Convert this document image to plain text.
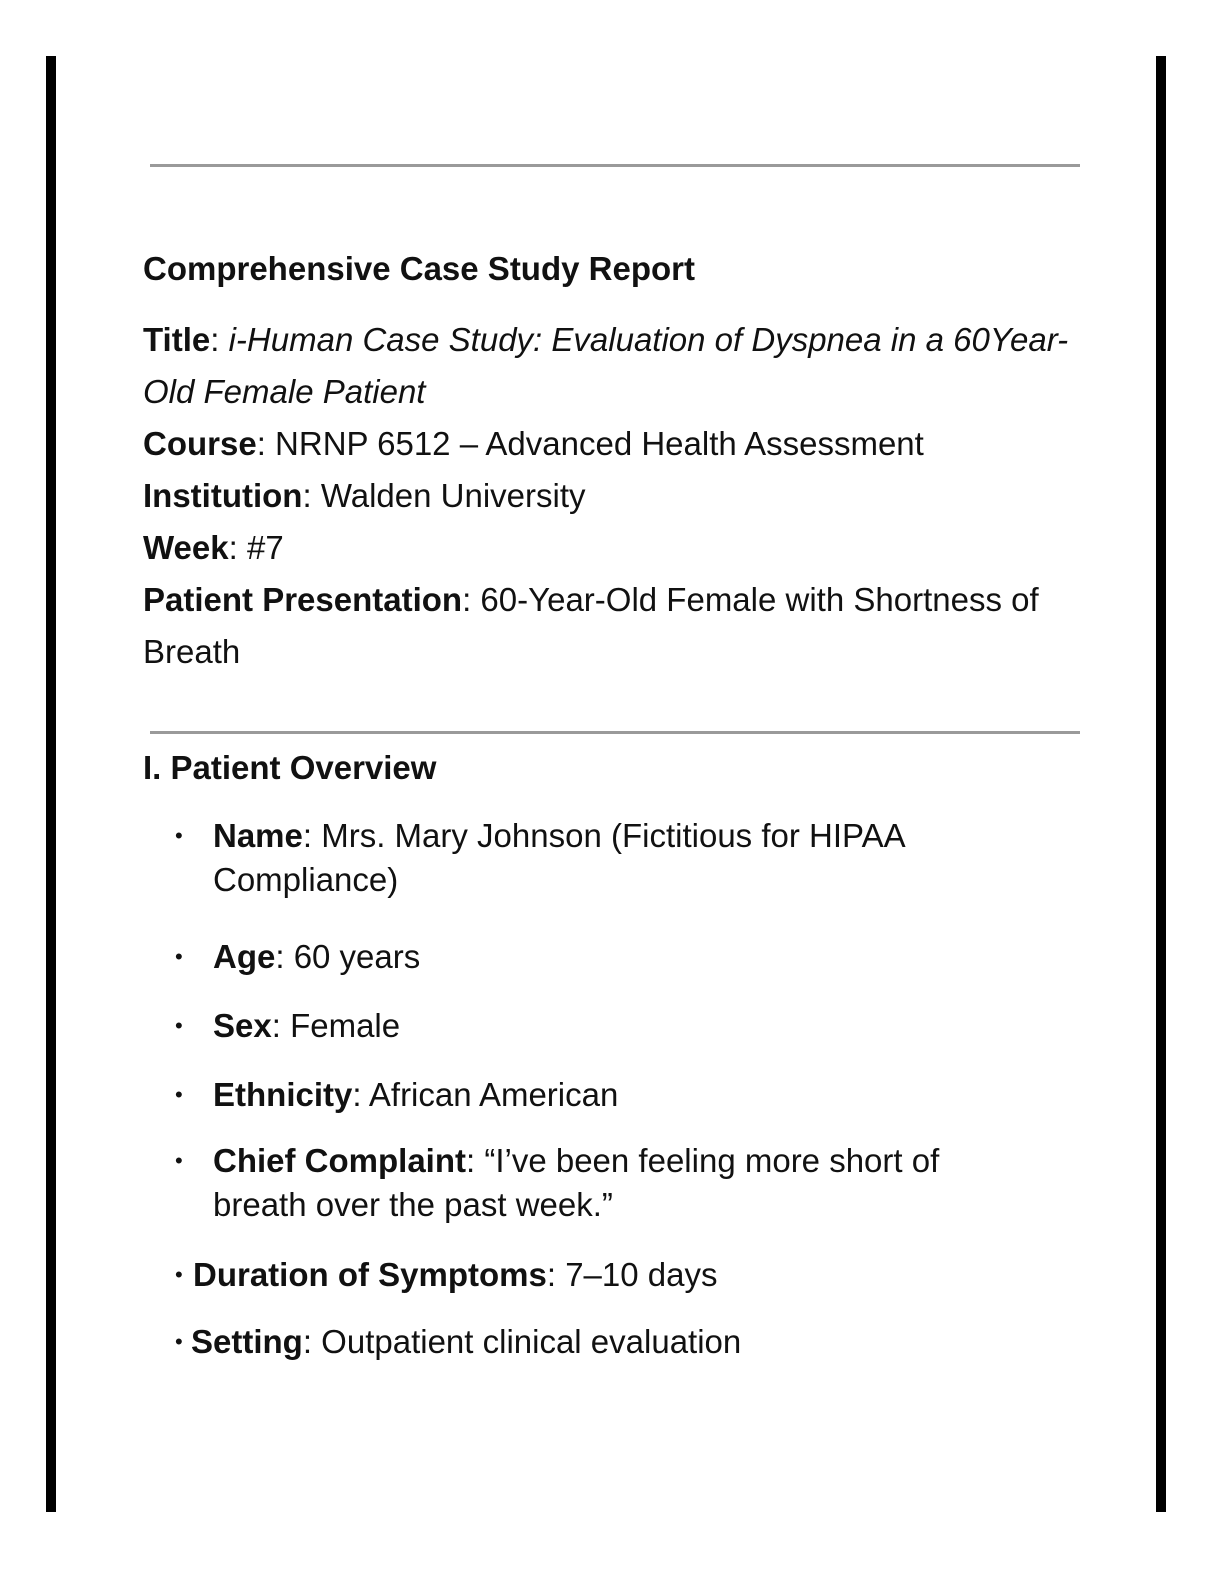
Comprehensive Case Study Report

Title: i-Human Case Study: Evaluation of Dyspnea in a 60Year-Old Female Patient

Course: NRNP 6512 – Advanced Health Assessment

Institution: Walden University

Week: #7

Patient Presentation: 60-Year-Old Female with Shortness of Breath

I. Patient Overview
• Name: Mrs. Mary Johnson (Fictitious for HIPAA Compliance)
• Age: 60 years
• Sex: Female
• Ethnicity: African American
• Chief Complaint: “I’ve been feeling more short of breath over the past week.”
• Duration of Symptoms: 7–10 days
• Setting: Outpatient clinical evaluation
